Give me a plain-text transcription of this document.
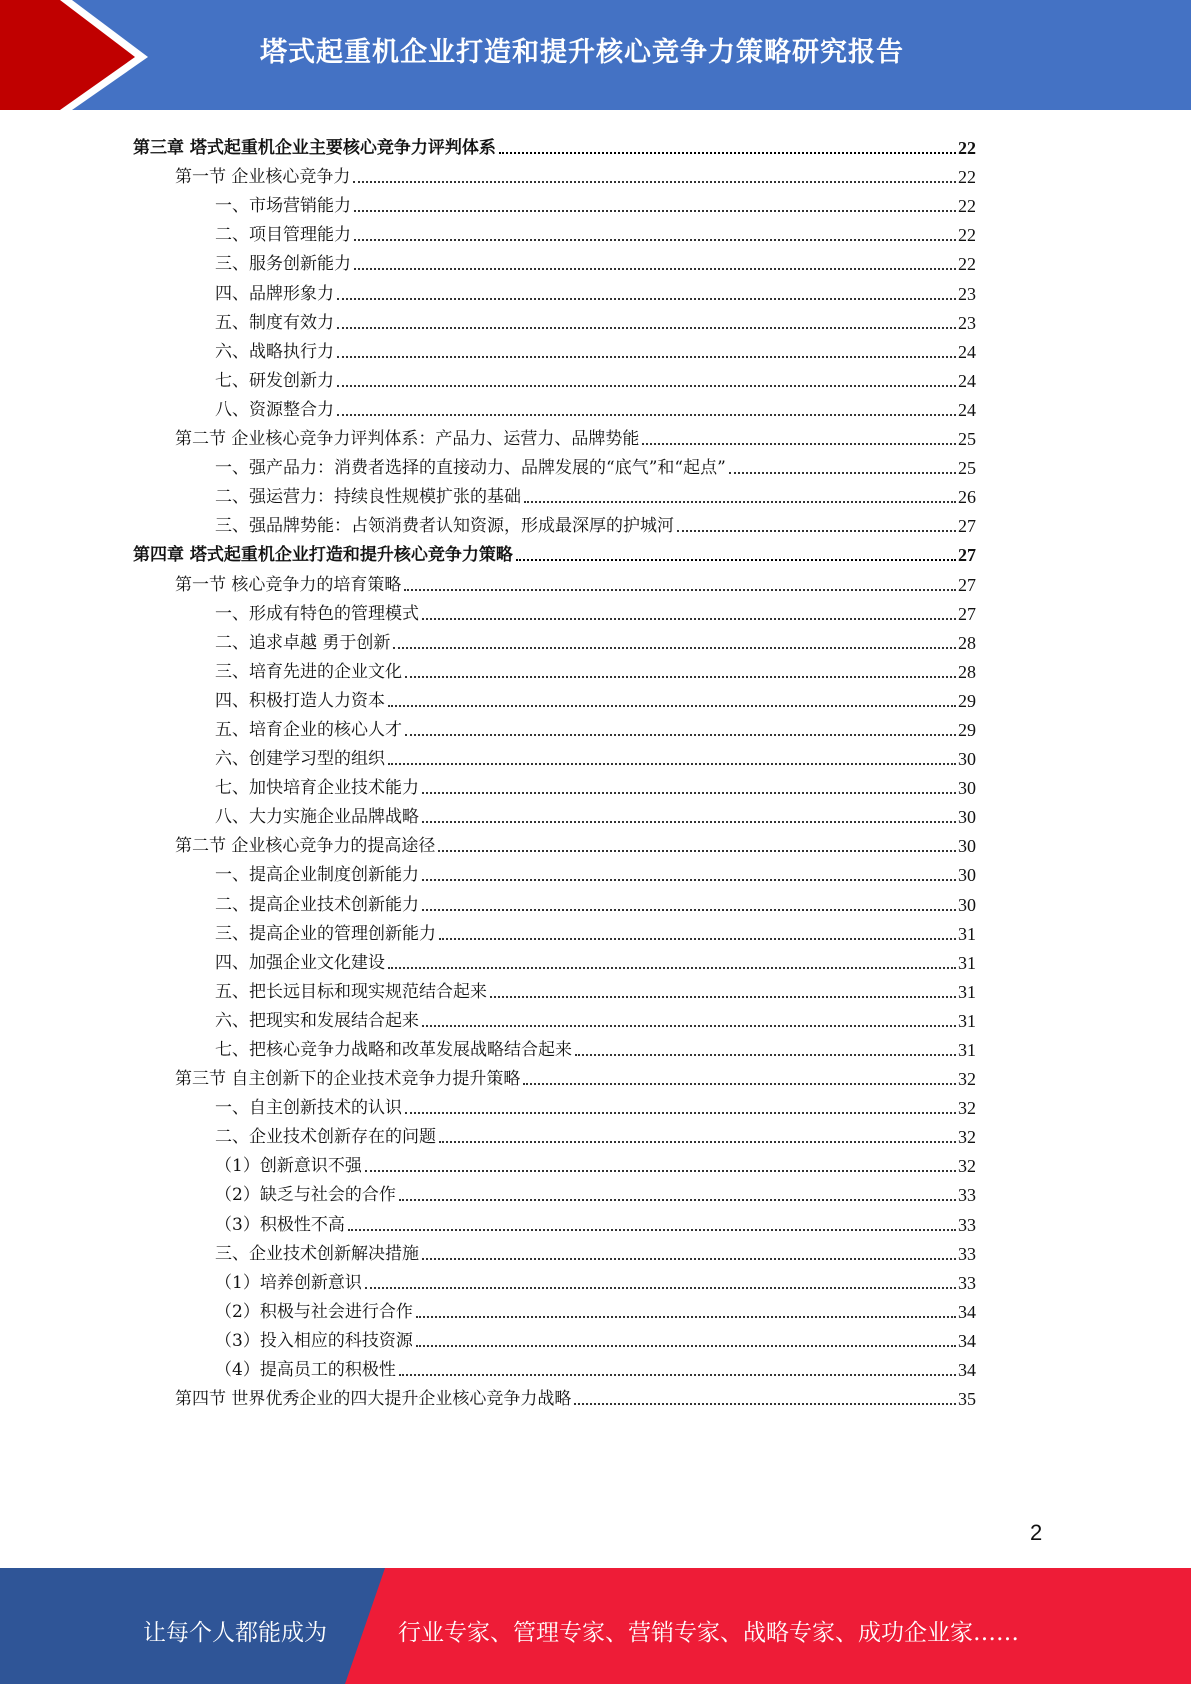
塔式起重机企业打造和提升核心竞争力策略研究报告
第三章 塔式起重机企业主要核心竞争力评判体系	22
第一节 企业核心竞争力	22
一、市场营销能力	22
二、项目管理能力	22
三、服务创新能力	22
四、品牌形象力	23
五、制度有效力	23
六、战略执行力	24
七、研发创新力	24
八、资源整合力	24
第二节 企业核心竞争力评判体系：产品力、运营力、品牌势能	25
一、强产品力：消费者选择的直接动力、品牌发展的“底气”和“起点”	25
二、强运营力：持续良性规模扩张的基础	26
三、强品牌势能：占领消费者认知资源，形成最深厚的护城河	27
第四章 塔式起重机企业打造和提升核心竞争力策略	27
第一节 核心竞争力的培育策略	27
一、形成有特色的管理模式	27
二、追求卓越 勇于创新	28
三、培育先进的企业文化	28
四、积极打造人力资本	29
五、培育企业的核心人才	29
六、创建学习型的组织	30
七、加快培育企业技术能力	30
八、大力实施企业品牌战略	30
第二节 企业核心竞争力的提高途径	30
一、提高企业制度创新能力	30
二、提高企业技术创新能力	30
三、提高企业的管理创新能力	31
四、加强企业文化建设	31
五、把长远目标和现实规范结合起来	31
六、把现实和发展结合起来	31
七、把核心竞争力战略和改革发展战略结合起来	31
第三节 自主创新下的企业技术竞争力提升策略	32
一、自主创新技术的认识	32
二、企业技术创新存在的问题	32
（1）创新意识不强	32
（2）缺乏与社会的合作	33
（3）积极性不高	33
三、企业技术创新解决措施	33
（1）培养创新意识	33
（2）积极与社会进行合作	34
（3）投入相应的科技资源	34
（4）提高员工的积极性	34
第四节 世界优秀企业的四大提升企业核心竞争力战略	35
2
让每个人都能成为	行业专家、管理专家、营销专家、战略专家、成功企业家……
